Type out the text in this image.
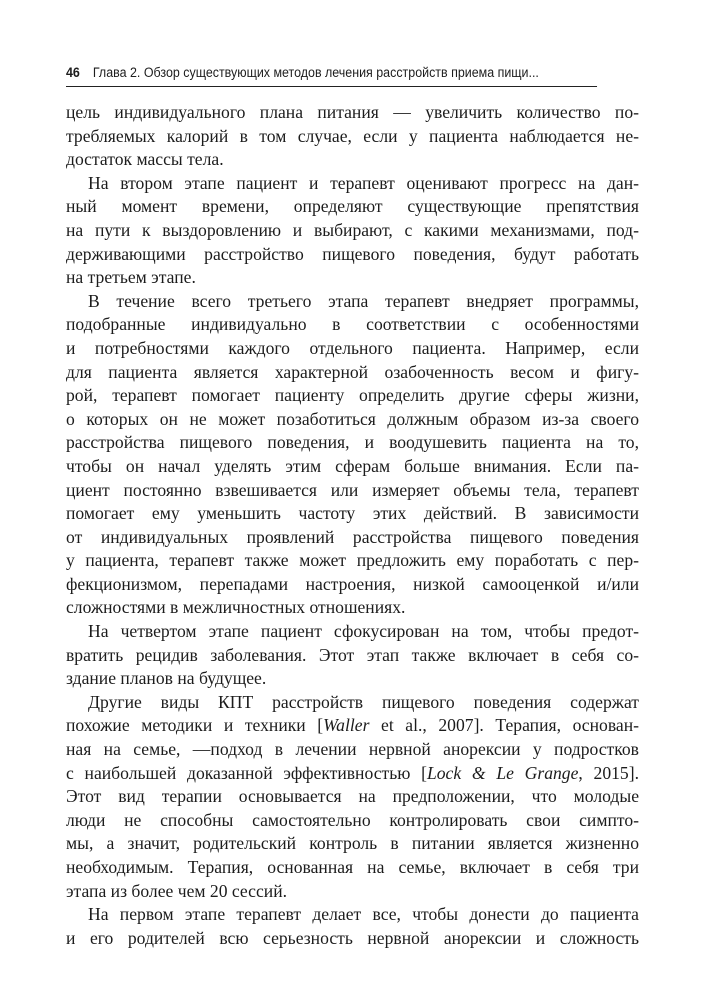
46 Глава 2. Обзор существующих методов лечения расстройств приема пищи...

цель индивидуального плана питания — увеличить количество по-
требляемых калорий в том случае, если у пациента наблюдается не-
достаток массы тела.

На втором этапе пациент и терапевт оценивают прогресс на дан-
ный момент времени, определяют существующие препятствия
на пути к выздоровлению и выбирают, с какими механизмами, под-
держивающими расстройство пищевого поведения, будут работать
на третьем этапе.

В течение всего третьего этапа терапевт внедряет программы,
подобранные индивидуально в соответствии с особенностями
и потребностями каждого отдельного пациента. Например, если
для пациента является характерной озабоченность весом и фигу-
рой, терапевт помогает пациенту определить другие сферы жизни,
о которых он не может позаботиться должным образом из-за своего
расстройства пищевого поведения, и воодушевить пациента на то,
чтобы он начал уделять этим сферам больше внимания. Если па-
циент постоянно взвешивается или измеряет объемы тела, терапевт
помогает ему уменьшить частоту этих действий. В зависимости
от индивидуальных проявлений расстройства пищевого поведения
у пациента, терапевт также может предложить ему поработать с пер-
фекционизмом, перепадами настроения, низкой самооценкой и/или
сложностями в межличностных отношениях.

На четвертом этапе пациент сфокусирован на том, чтобы предот-
вратить рецидив заболевания. Этот этап также включает в себя со-
здание планов на будущее.

Другие виды КПТ расстройств пищевого поведения содержат
похожие методики и техники [Waller et al., 2007]. Терапия, основан-
ная на семье, —подход в лечении нервной анорексии у подростков
с наибольшей доказанной эффективностью [Lock & Le Grange, 2015].
Этот вид терапии основывается на предположении, что молодые
люди не способны самостоятельно контролировать свои симпто-
мы, а значит, родительский контроль в питании является жизненно
необходимым. Терапия, основанная на семье, включает в себя три
этапа из более чем 20 сессий.

На первом этапе терапевт делает все, чтобы донести до пациента
и его родителей всю серьезность нервной анорексии и сложность
